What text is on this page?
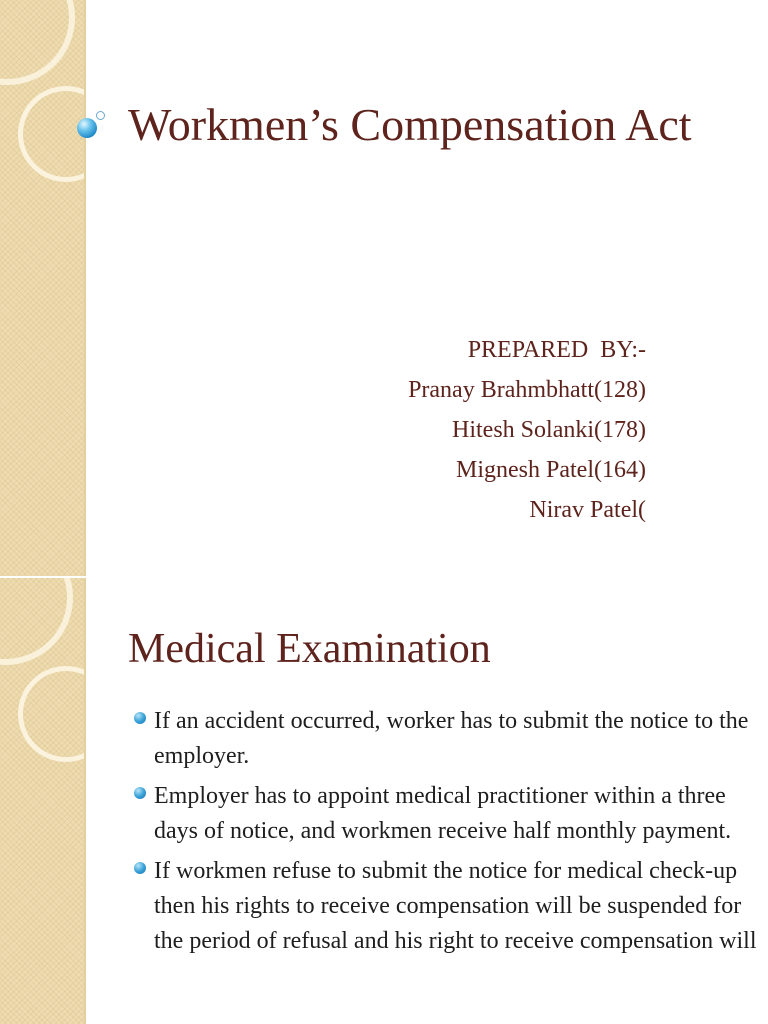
Workmen’s Compensation Act
PREPARED  BY:-
Pranay Brahmbhatt(128)
Hitesh Solanki(178)
Mignesh Patel(164)
Nirav Patel(
Medical Examination
If an accident occurred, worker has to submit the notice to the employer.
Employer has to appoint medical practitioner within a three days of notice, and workmen receive half monthly payment.
If workmen refuse to submit the notice for medical check-up then his rights to receive compensation will be suspended for the period of refusal and his right to receive compensation will
